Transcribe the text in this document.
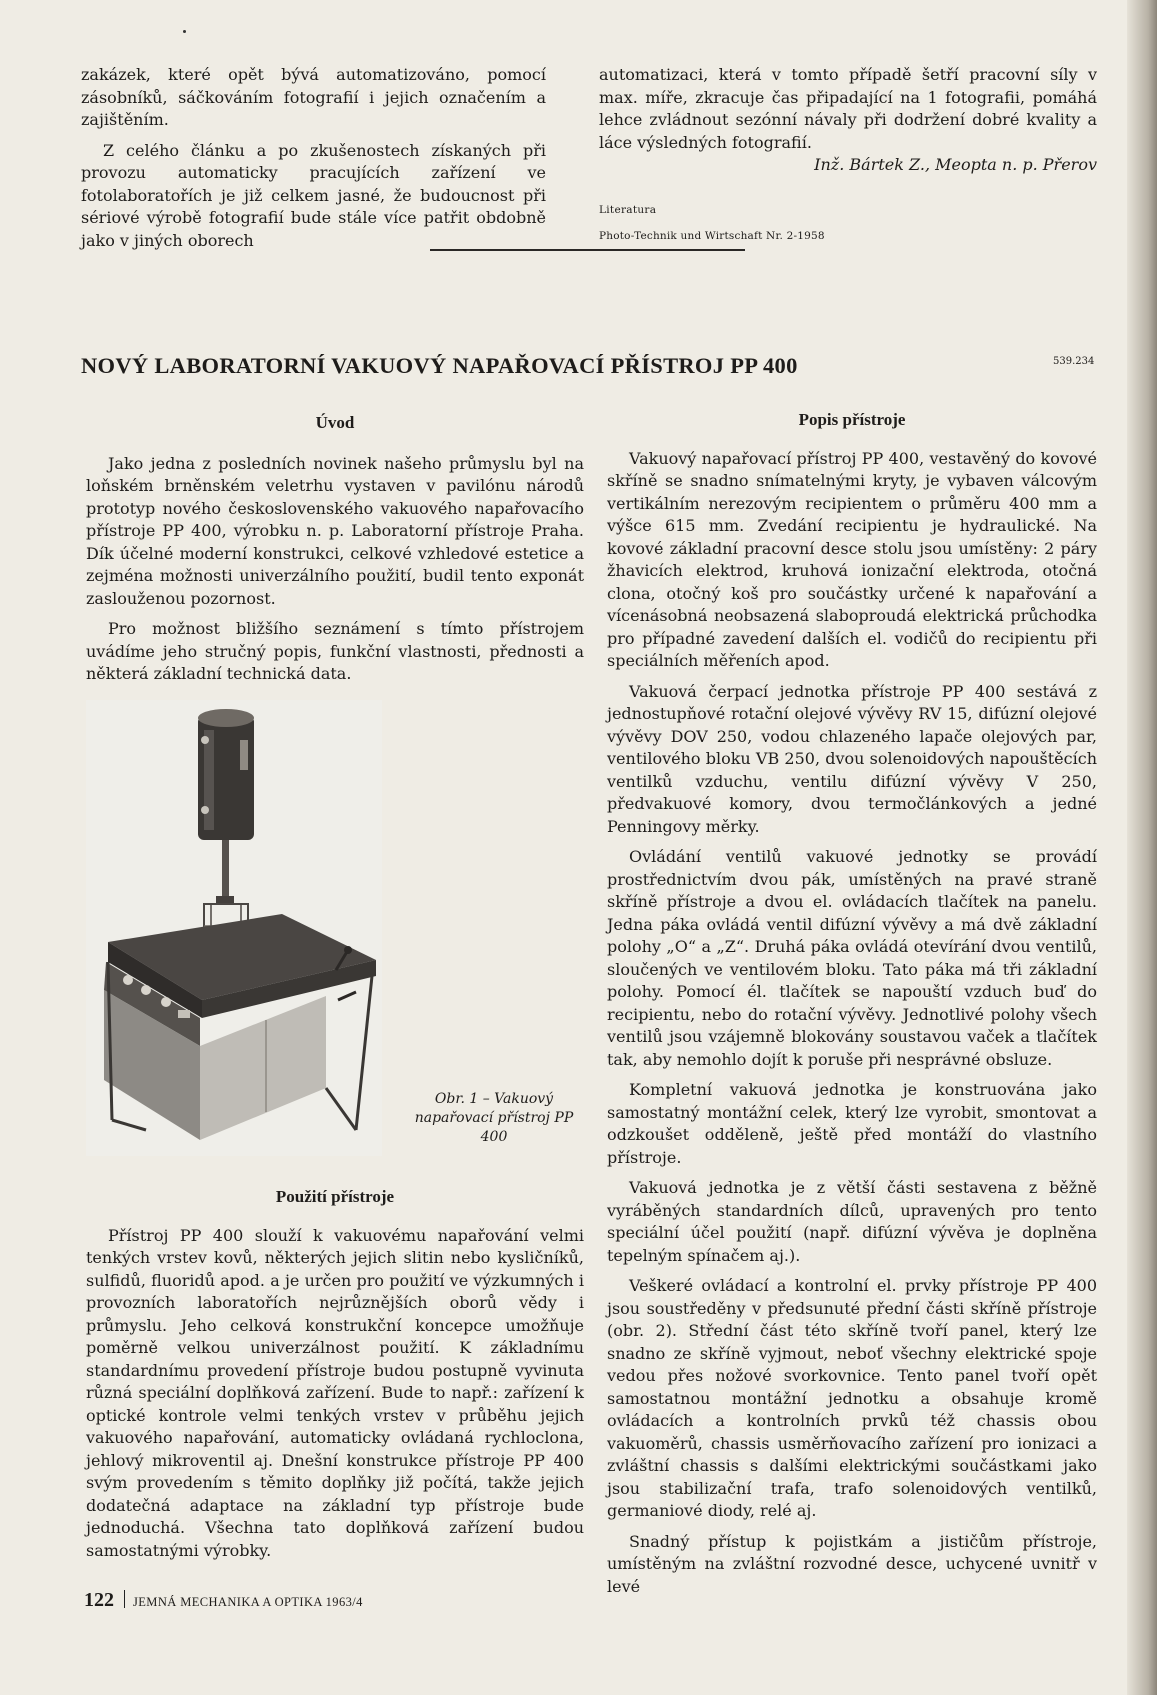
zakázek, které opět bývá automatizováno, pomocí zásobníků, sáčkováním fotografií i jejich označením a zajištěním.

Z celého článku a po zkušenostech získaných při provozu automaticky pracujících zařízení ve fotolaboratořích je již celkem jasné, že budoucnost při sériové výrobě fotografií bude stále více patřit obdobně jako v jiných oborech

automatizaci, která v tomto případě šetří pracovní síly v max. míře, zkracuje čas připadající na 1 fotografii, pomáhá lehce zvládnout sezónní návaly při dodržení dobré kvality a láce výsledných fotografií.

Inž. Bártek Z., Meopta n. p. Přerov

Literatura
Photo-Technik und Wirtschaft Nr. 2-1958
NOVÝ LABORATORNÍ VAKUOVÝ NAPAŘOVACÍ PŘÍSTROJ PP 400	539.234
Úvod

Jako jedna z posledních novinek našeho průmyslu byl na loňském brněnském veletrhu vystaven v pavilónu národů prototyp nového československého vakuového napařovacího přístroje PP 400, výrobku n. p. Laboratorní přístroje Praha. Dík účelné moderní konstrukci, celkové vzhledové estetice a zejména možnosti univerzálního použití, budil tento exponát zaslouženou pozornost.

Pro možnost bližšího seznámení s tímto přístrojem uvádíme jeho stručný popis, funkční vlastnosti, přednosti a některá základní technická data.

Obr. 1 – Vakuový napařovací přístroj PP 400
Použití přístroje

Přístroj PP 400 slouží k vakuovému napařování velmi tenkých vrstev kovů, některých jejich slitin nebo kysličníků, sulfidů, fluoridů apod. a je určen pro použití ve výzkumných i provozních laboratořích nejrůznějších oborů vědy i průmyslu. Jeho celková konstrukční koncepce umožňuje poměrně velkou univerzálnost použití. K základnímu standardnímu provedení přístroje budou postupně vyvinuta různá speciální doplňková zařízení. Bude to např.: zařízení k optické kontrole velmi tenkých vrstev v průběhu jejich vakuového napařování, automaticky ovládaná rychloclona, jehlový mikroventil aj. Dnešní konstrukce přístroje PP 400 svým provedením s těmito doplňky již počítá, takže jejich dodatečná adaptace na základní typ přístroje bude jednoduchá. Všechna tato doplňková zařízení budou samostatnými výrobky.

Popis přístroje

Vakuový napařovací přístroj PP 400, vestavěný do kovové skříně se snadno snímatelnými kryty, je vybaven válcovým vertikálním nerezovým recipientem o průměru 400 mm a výšce 615 mm. Zvedání recipientu je hydraulické. Na kovové základní pracovní desce stolu jsou umístěny: 2 páry žhavicích elektrod, kruhová ionizační elektroda, otočná clona, otočný koš pro součástky určené k napařování a vícenásobná neobsazená slaboproudá elektrická průchodka pro případné zavedení dalších el. vodičů do recipientu při speciálních měřeních apod.

Vakuová čerpací jednotka přístroje PP 400 sestává z jednostupňové rotační olejové vývěvy RV 15, difúzní olejové vývěvy DOV 250, vodou chlazeného lapače olejových par, ventilového bloku VB 250, dvou solenoidových napouštěcích ventilků vzduchu, ventilu difúzní vývěvy V 250, předvakuové komory, dvou termočlánkových a jedné Penningovy měrky.

Ovládání ventilů vakuové jednotky se provádí prostřednictvím dvou pák, umístěných na pravé straně skříně přístroje a dvou el. ovládacích tlačítek na panelu. Jedna páka ovládá ventil difúzní vývěvy a má dvě základní polohy „O“ a „Z“. Druhá páka ovládá otevírání dvou ventilů, sloučených ve ventilovém bloku. Tato páka má tři základní polohy. Pomocí él. tlačítek se napouští vzduch buď do recipientu, nebo do rotační vývěvy. Jednotlivé polohy všech ventilů jsou vzájemně blokovány soustavou vaček a tlačítek tak, aby nemohlo dojít k poruše při nesprávné obsluze.

Kompletní vakuová jednotka je konstruována jako samostatný montážní celek, který lze vyrobit, smontovat a odzkoušet odděleně, ještě před montáží do vlastního přístroje.

Vakuová jednotka je z větší části sestavena z běžně vyráběných standardních dílců, upravených pro tento speciální účel použití (např. difúzní vývěva je doplněna tepelným spínačem aj.).

Veškeré ovládací a kontrolní el. prvky přístroje PP 400 jsou soustředěny v předsunuté přední části skříně přístroje (obr. 2). Střední část této skříně tvoří panel, který lze snadno ze skříně vyjmout, neboť všechny elektrické spoje vedou přes nožové svorkovnice. Tento panel tvoří opět samostatnou montážní jednotku a obsahuje kromě ovládacích a kontrolních prvků též chassis obou vakuoměrů, chassis usměrňovacího zařízení pro ionizaci a zvláštní chassis s dalšími elektrickými součástkami jako jsou stabilizační trafa, trafo solenoidových ventilků, germaniové diody, relé aj.

Snadný přístup k pojistkám a jističům přístroje, umístěným na zvláštní rozvodné desce, uchycené uvnitř v levé

122 JEMNÁ MECHANIKA A OPTIKA 1963/4
